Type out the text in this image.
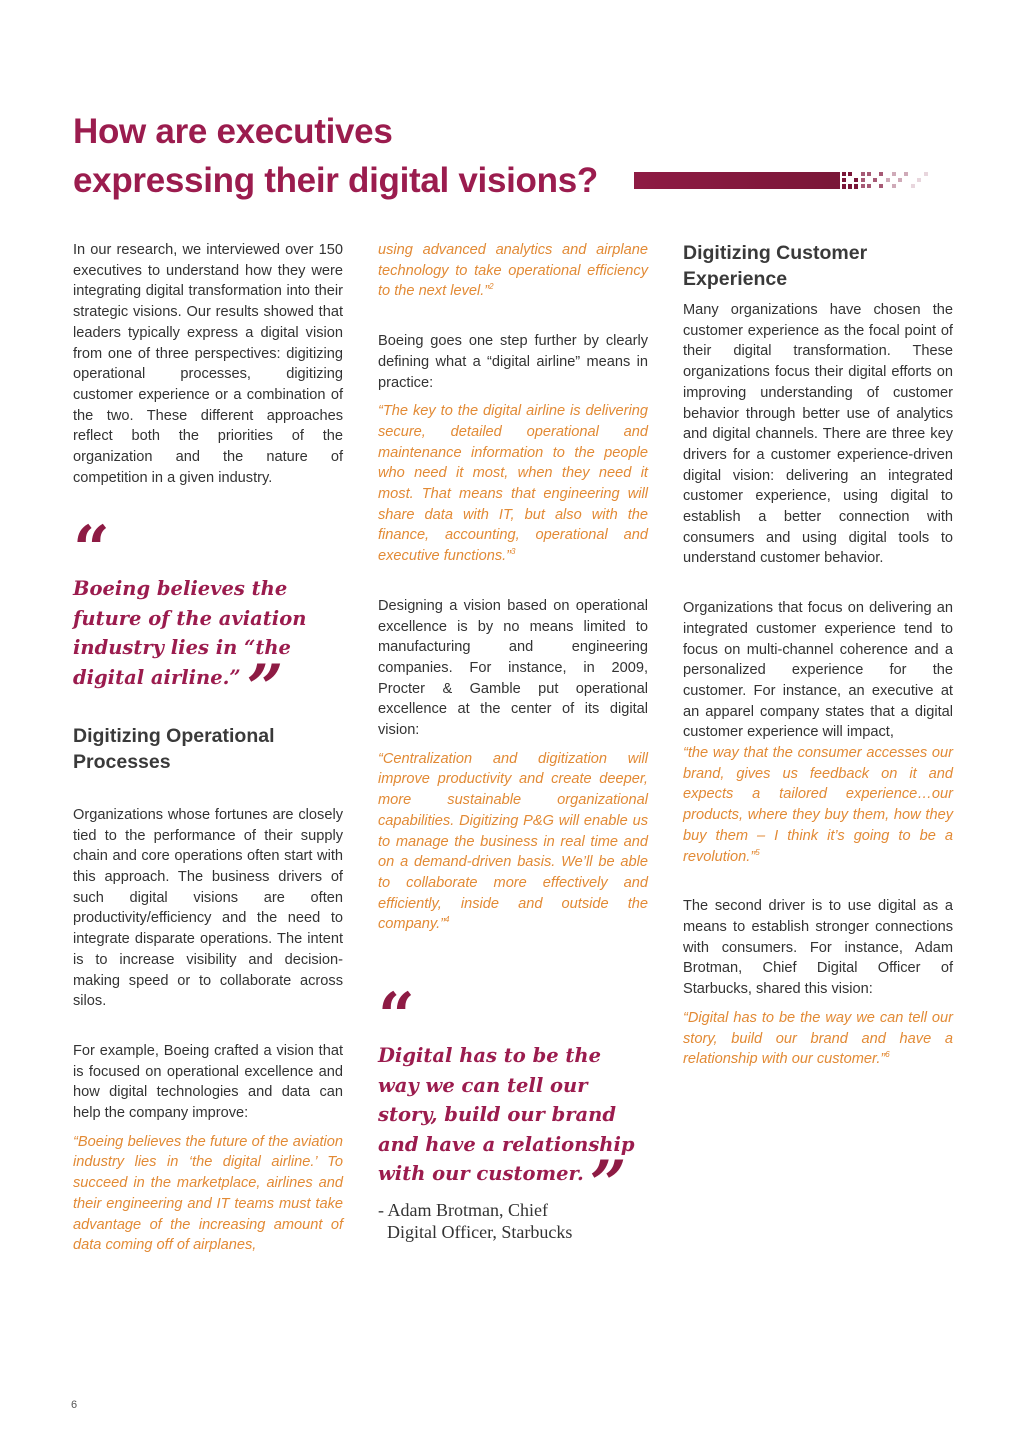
How are executives
expressing their digital visions?

In our research, we interviewed over 150 executives to understand how they were integrating digital transformation into their strategic visions. Our results showed that leaders typically express a digital vision from one of three perspectives: digitizing operational processes, digitizing customer experience or a combination of the two. These different approaches reflect both the priorities of the organization and the nature of competition in a given industry.

“
Boeing believes the future of the aviation industry lies in “the digital airline.””
Digitizing Operational Processes

Organizations whose fortunes are closely tied to the performance of their supply chain and core operations often start with this approach. The business drivers of such digital visions are often productivity/efficiency and the need to integrate disparate operations. The intent is to increase visibility and decision-making speed or to collaborate across silos.

For example, Boeing crafted a vision that is focused on operational excellence and how digital technologies and data can help the company improve:

“Boeing believes the future of the aviation industry lies in ‘the digital airline.’ To succeed in the marketplace, airlines and their engineering and IT teams must take advantage of the increasing amount of data coming off of airplanes,

using advanced analytics and airplane technology to take operational efficiency to the next level.”$^2$

Boeing goes one step further by clearly defining what a “digital airline” means in practice:

“The key to the digital airline is delivering secure, detailed operational and maintenance information to the people who need it most, when they need it most. That means that engineering will share data with IT, but also with the finance, accounting, operational and executive functions.”$^3$

Designing a vision based on operational excellence is by no means limited to manufacturing and engineering companies. For instance, in 2009, Procter & Gamble put operational excellence at the center of its digital vision:

“Centralization and digitization will improve productivity and create deeper, more sustainable organizational capabilities. Digitizing P&G will enable us to manage the business in real time and on a demand-driven basis. We’ll be able to collaborate more effectively and efficiently, inside and outside the company.”$^4$

“
Digital has to be the way we can tell our story, build our brand and have a relationship with our customer.”
- Adam Brotman, Chief
Digital Officer, Starbucks
Digitizing Customer Experience

Many organizations have chosen the customer experience as the focal point of their digital transformation. These organizations focus their digital efforts on improving understanding of customer behavior through better use of analytics and digital channels. There are three key drivers for a customer experience-driven digital vision: delivering an integrated customer experience, using digital to establish a better connection with consumers and using digital tools to understand customer behavior.

Organizations that focus on delivering an integrated customer experience tend to focus on multi-channel coherence and a personalized experience for the customer. For instance, an executive at an apparel company states that a digital customer experience will impact,

“the way that the consumer accesses our brand, gives us feedback on it and expects a tailored experience…our products, where they buy them, how they buy them – I think it’s going to be a revolution.”$^5$

The second driver is to use digital as a means to establish stronger connections with consumers. For instance, Adam Brotman, Chief Digital Officer of Starbucks, shared this vision:

“Digital has to be the way we can tell our story, build our brand and have a relationship with our customer.”$^6$

6
